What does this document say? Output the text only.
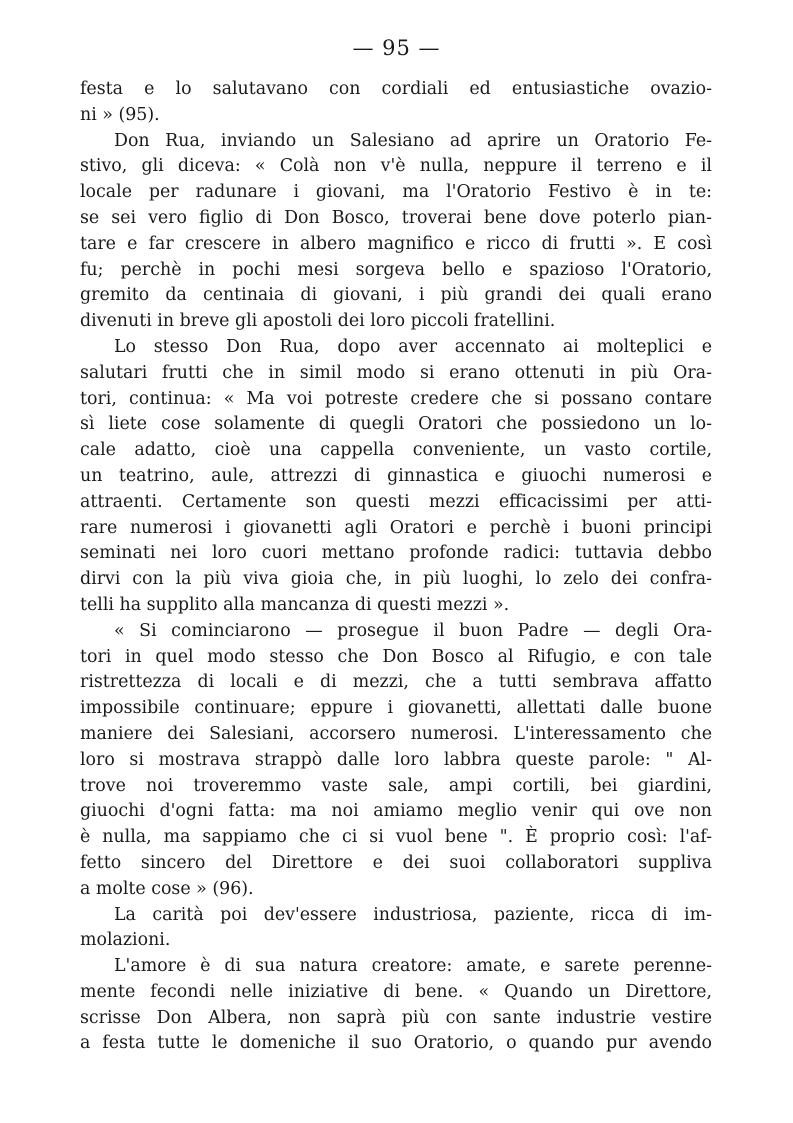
— 95 —
festa e lo salutavano con cordiali ed entusiastiche ovazio-
ni » (95).
Don Rua, inviando un Salesiano ad aprire un Oratorio Fe-
stivo, gli diceva: « Colà non v'è nulla, neppure il terreno e il
locale per radunare i giovani, ma l'Oratorio Festivo è in te:
se sei vero figlio di Don Bosco, troverai bene dove poterlo pian-
tare e far crescere in albero magnifico e ricco di frutti ». E così
fu; perchè in pochi mesi sorgeva bello e spazioso l'Oratorio,
gremito da centinaia di giovani, i più grandi dei quali erano
divenuti in breve gli apostoli dei loro piccoli fratellini.
Lo stesso Don Rua, dopo aver accennato ai molteplici e
salutari frutti che in simil modo si erano ottenuti in più Ora-
tori, continua: « Ma voi potreste credere che si possano contare
sì liete cose solamente di quegli Oratori che possiedono un lo-
cale adatto, cioè una cappella conveniente, un vasto cortile,
un teatrino, aule, attrezzi di ginnastica e giuochi numerosi e
attraenti. Certamente son questi mezzi efficacissimi per atti-
rare numerosi i giovanetti agli Oratori e perchè i buoni principi
seminati nei loro cuori mettano profonde radici: tuttavia debbo
dirvi con la più viva gioia che, in più luoghi, lo zelo dei confra-
telli ha supplito alla mancanza di questi mezzi ».
« Si cominciarono — prosegue il buon Padre — degli Ora-
tori in quel modo stesso che Don Bosco al Rifugio, e con tale
ristrettezza di locali e di mezzi, che a tutti sembrava affatto
impossibile continuare; eppure i giovanetti, allettati dalle buone
maniere dei Salesiani, accorsero numerosi. L'interessamento che
loro si mostrava strappò dalle loro labbra queste parole: " Al-
trove noi troveremmo vaste sale, ampi cortili, bei giardini,
giuochi d'ogni fatta: ma noi amiamo meglio venir qui ove non
è nulla, ma sappiamo che ci si vuol bene ". È proprio così: l'af-
fetto sincero del Direttore e dei suoi collaboratori suppliva
a molte cose » (96).
La carità poi dev'essere industriosa, paziente, ricca di im-
molazioni.
L'amore è di sua natura creatore: amate, e sarete perenne-
mente fecondi nelle iniziative di bene. « Quando un Direttore,
scrisse Don Albera, non saprà più con sante industrie vestire
a festa tutte le domeniche il suo Oratorio, o quando pur avendo
